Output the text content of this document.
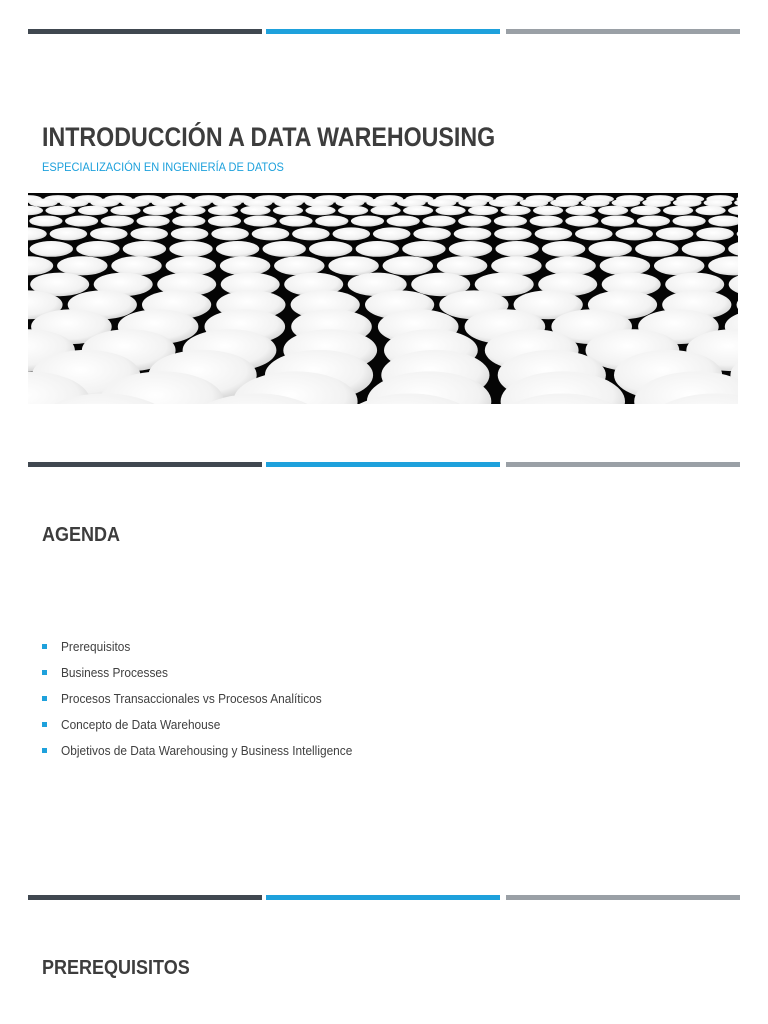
INTRODUCCIÓN A DATA WAREHOUSING
ESPECIALIZACIÓN EN INGENIERÍA DE DATOS
AGENDA
Prerequisitos
Business Processes
Procesos Transaccionales vs Procesos Analíticos
Concepto de Data Warehouse
Objetivos de Data Warehousing y Business Intelligence
PREREQUISITOS
